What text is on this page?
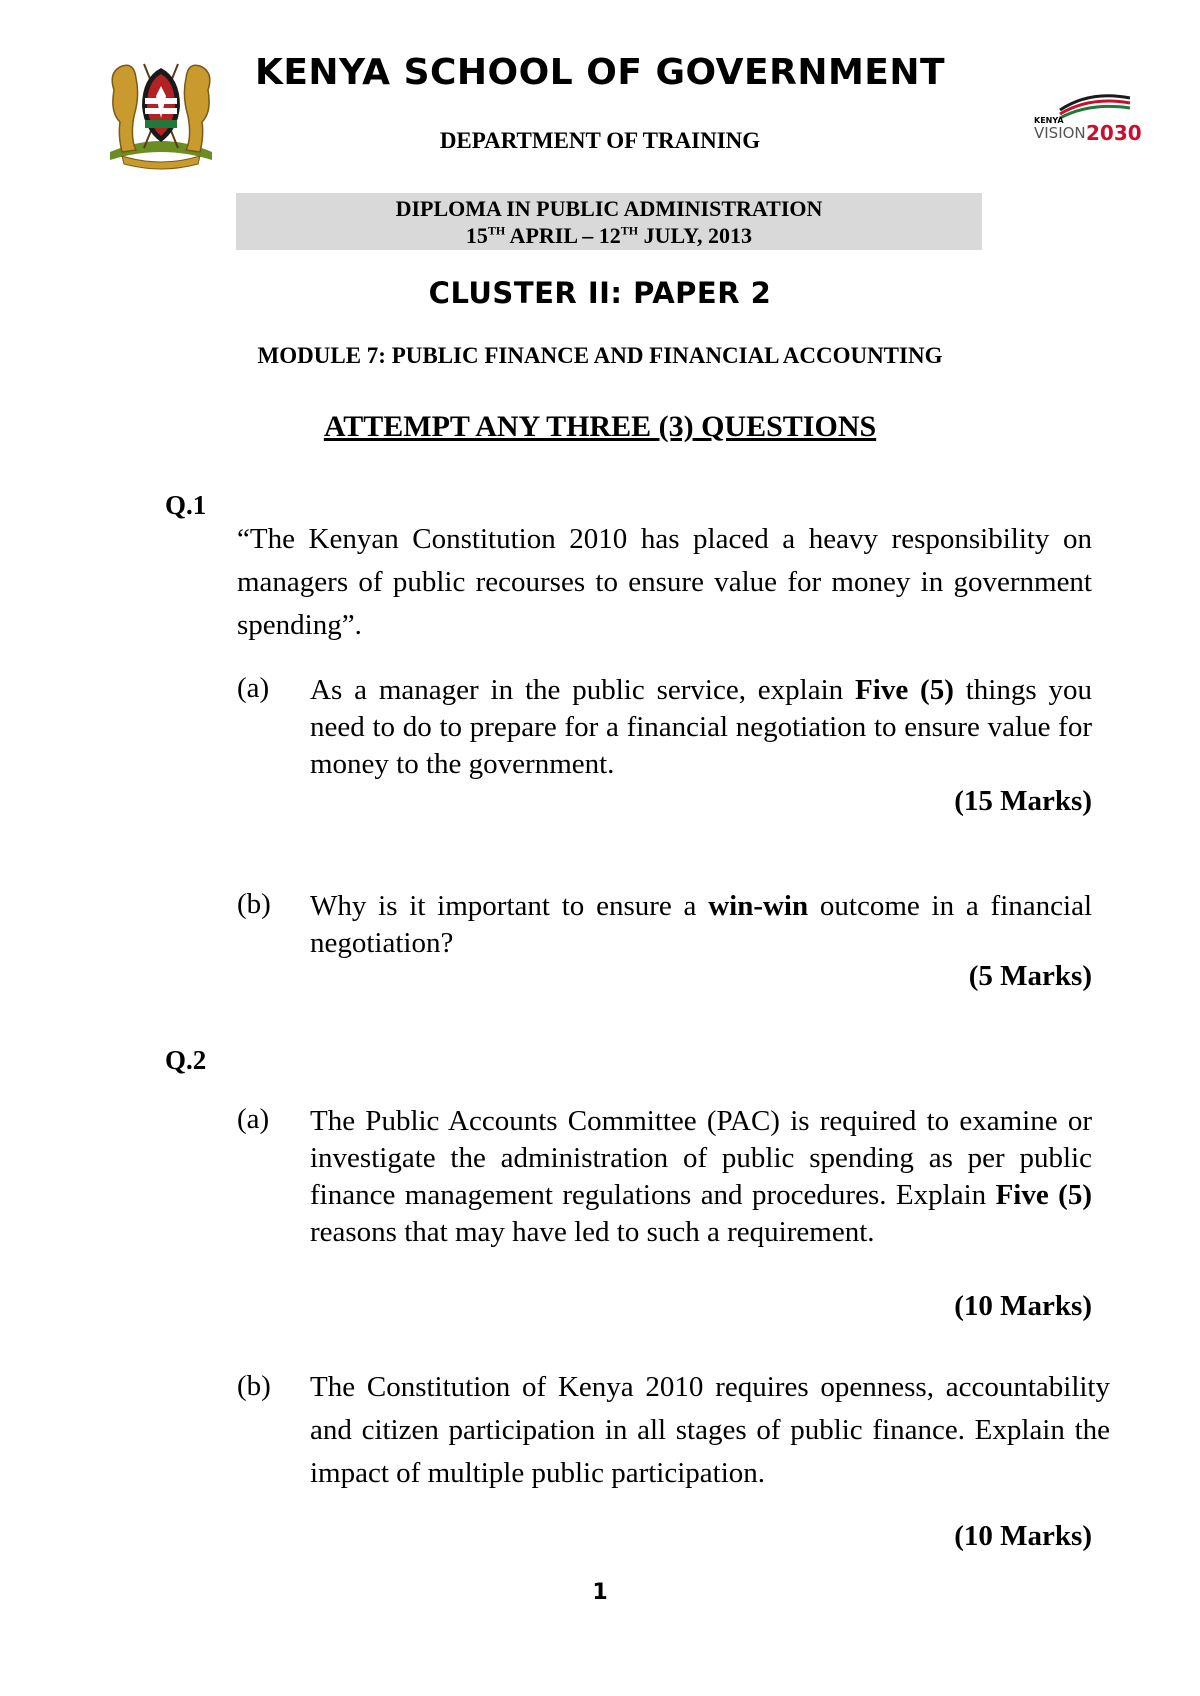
KENYA
VISION 2030
KENYA SCHOOL OF GOVERNMENT
DEPARTMENT OF TRAINING
DIPLOMA IN PUBLIC ADMINISTRATION
15TH APRIL – 12TH JULY, 2013
CLUSTER II: PAPER 2
MODULE 7: PUBLIC FINANCE AND FINANCIAL ACCOUNTING
ATTEMPT ANY THREE (3) QUESTIONS
Q.1
“The Kenyan Constitution 2010 has placed a heavy responsibility on managers of public recourses to ensure value for money in government spending”.
(a) As a manager in the public service, explain Five (5) things you need to do to prepare for a financial negotiation to ensure value for money to the government.
(15 Marks)
(b) Why is it important to ensure a win-win outcome in a financial negotiation?
(5 Marks)
Q.2
(a) The Public Accounts Committee (PAC) is required to examine or investigate the administration of public spending as per public finance management regulations and procedures. Explain Five (5) reasons that may have led to such a requirement.
(10 Marks)
(b) The Constitution of Kenya 2010 requires openness, accountability and citizen participation in all stages of public finance. Explain the impact of multiple public participation.
(10 Marks)
1
